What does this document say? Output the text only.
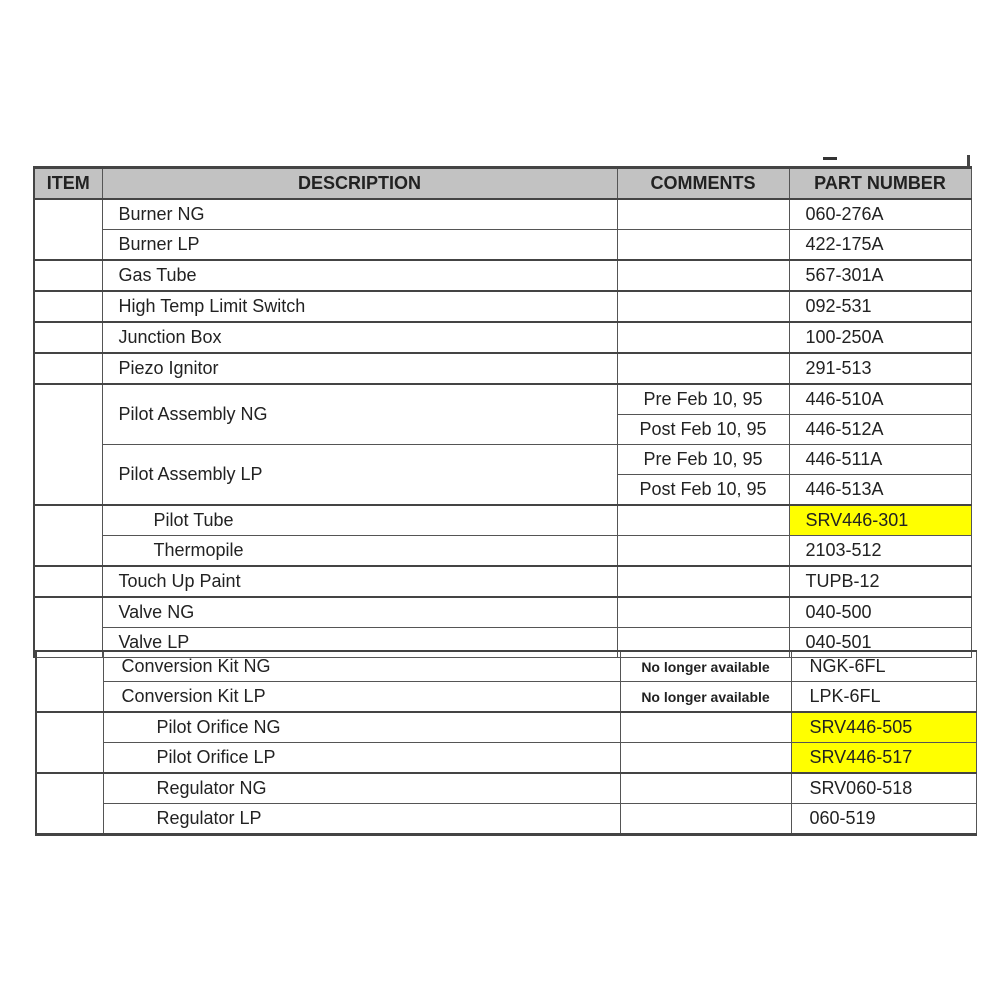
ITEM	DESCRIPTION	COMMENTS	PART NUMBER
	Burner NG		060-276A
	Burner LP		422-175A
	Gas Tube		567-301A
	High Temp Limit Switch		092-531
	Junction Box		100-250A
	Piezo Ignitor		291-513
	Pilot Assembly NG	Pre Feb 10, 95	446-510A
		Post Feb 10, 95	446-512A
	Pilot Assembly LP	Pre Feb 10, 95	446-511A
		Post Feb 10, 95	446-513A
	Pilot Tube		SRV446-301
	Thermopile		2103-512
	Touch Up Paint		TUPB-12
	Valve NG		040-500
	Valve LP		040-501
	Conversion Kit NG	No longer available	NGK-6FL
	Conversion Kit LP	No longer available	LPK-6FL
	Pilot Orifice NG		SRV446-505
	Pilot Orifice LP		SRV446-517
	Regulator NG		SRV060-518
	Regulator LP		060-519
